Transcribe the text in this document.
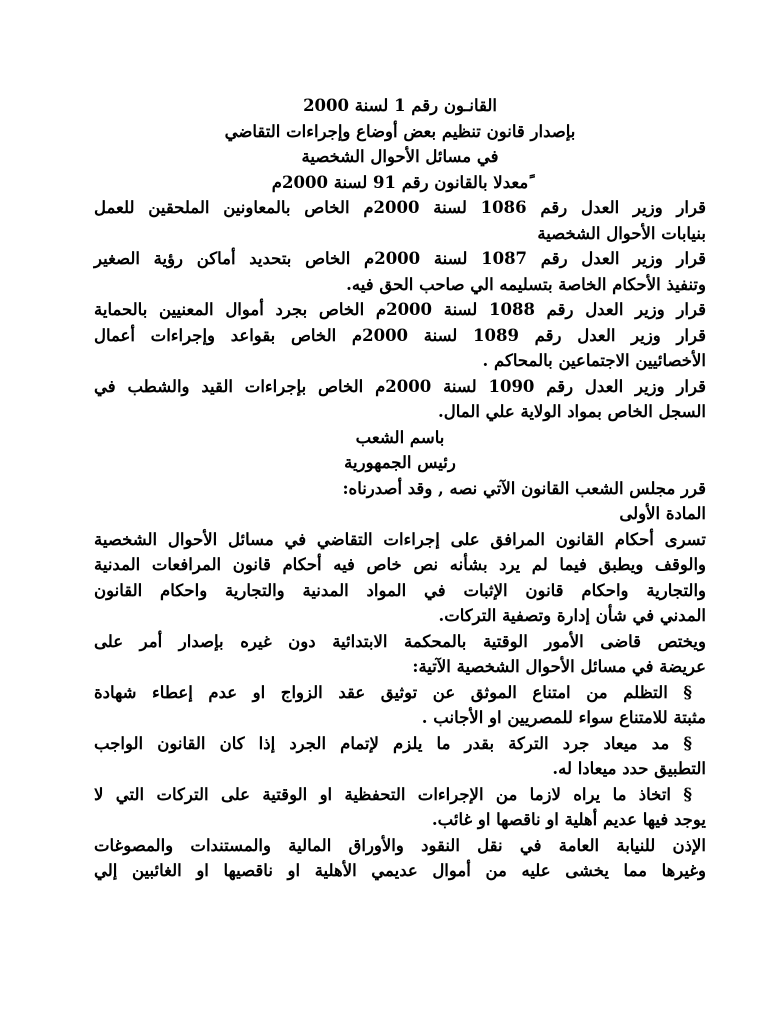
القانـون رقم 1 لسنة 2000
بإصدار قانون تنظيم بعض أوضاع وإجراءات التقاضي
في مسائل الأحوال الشخصية
ًمعدلا بالقانون رقم 91 لسنة 2000م
قرار وزير العدل رقم 1086 لسنة 2000م الخاص بالمعاونين الملحقين للعمل
بنيابات الأحوال الشخصية
قرار وزير العدل رقم 1087 لسنة 2000م الخاص بتحديد أماكن رؤية الصغير
وتنفيذ الأحكام الخاصة بتسليمه الي صاحب الحق فيه.
قرار وزير العدل رقم 1088 لسنة 2000م الخاص بجرد أموال المعنيين بالحماية
قرار وزير العدل رقم 1089 لسنة 2000م الخاص بقواعد وإجراءات أعمال
الأخصائيين الاجتماعين بالمحاكم .
قرار وزير العدل رقم 1090 لسنة 2000م الخاص بإجراءات القيد والشطب في
السجل الخاص بمواد الولاية علي المال.
باسم الشعب
رئيس الجمهورية
قرر مجلس الشعب القانون الآتي نصه , وقد أصدرناه:
المادة الأولى
تسرى أحكام القانون المرافق على إجراءات التقاضي في مسائل الأحوال الشخصية
والوقف ويطبق فيما لم يرد بشأنه نص خاص فيه أحكام قانون المرافعات المدنية
والتجارية واحكام قانون الإثبات في المواد المدنية والتجارية واحكام القانون
المدني في شأن إدارة وتصفية التركات.
ويختص قاضى الأمور الوقتية بالمحكمة الابتدائية دون غيره بإصدار أمر على
عريضة في مسائل الأحوال الشخصية الآتية:
§ التظلم من امتناع الموثق عن توثيق عقد الزواج او عدم إعطاء شهادة
مثبتة للامتناع سواء للمصريين او الأجانب .
§ مد ميعاد جرد التركة بقدر ما يلزم لإتمام الجرد إذا كان القانون الواجب
التطبيق حدد ميعادا له.
§ اتخاذ ما يراه لازما من الإجراءات التحفظية او الوقتية على التركات التي لا
يوجد فيها عديم أهلية او ناقصها او غائب.
الإذن للنيابة العامة في نقل النقود والأوراق المالية والمستندات والمصوغات
وغيرها مما يخشى عليه من أموال عديمي الأهلية او ناقصيها او الغائبين إلي
